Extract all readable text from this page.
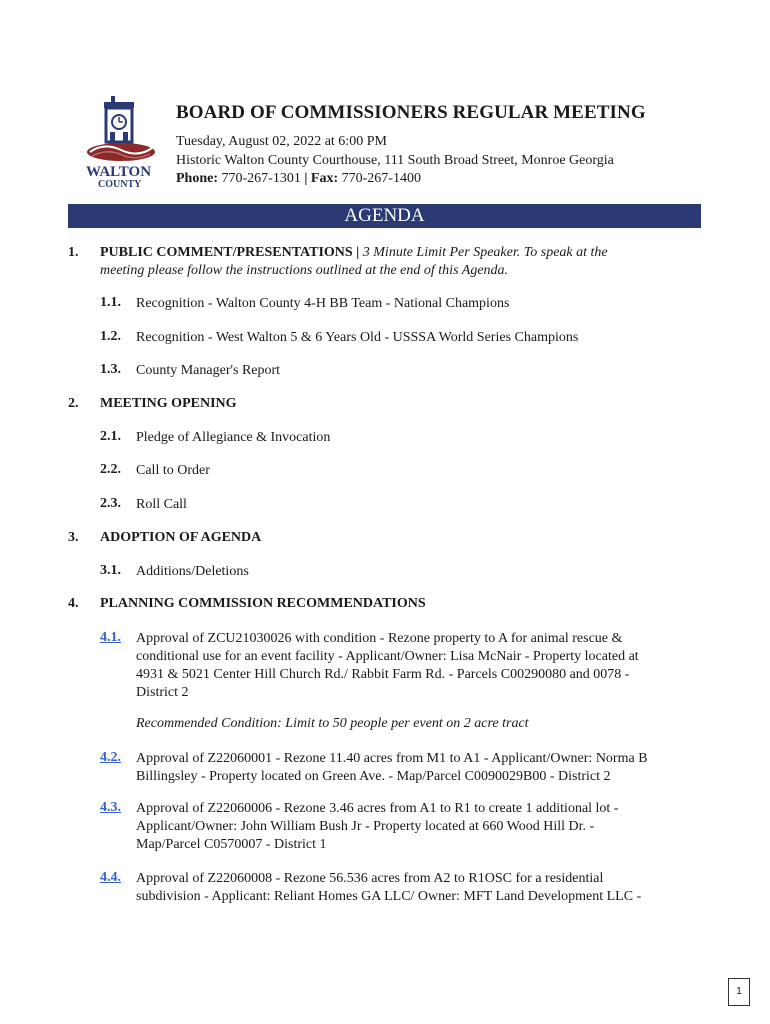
WALTON
COUNTY
BOARD OF COMMISSIONERS REGULAR MEETING
Tuesday, August 02, 2022 at 6:00 PM
Historic Walton County Courthouse, 111 South Broad Street, Monroe Georgia
Phone: 770-267-1301 | Fax: 770-267-1400
AGENDA
1. PUBLIC COMMENT/PRESENTATIONS | 3 Minute Limit Per Speaker. To speak at the
meeting please follow the instructions outlined at the end of this Agenda.
1.1. Recognition - Walton County 4-H BB Team - National Champions
1.2. Recognition - West Walton 5 & 6 Years Old - USSSA World Series Champions
1.3. County Manager's Report
2. MEETING OPENING
2.1. Pledge of Allegiance & Invocation
2.2. Call to Order
2.3. Roll Call
3. ADOPTION OF AGENDA
3.1. Additions/Deletions
4. PLANNING COMMISSION RECOMMENDATIONS
4.1. Approval of ZCU21030026 with condition - Rezone property to A for animal rescue &
conditional use for an event facility - Applicant/Owner: Lisa McNair - Property located at
4931 & 5021 Center Hill Church Rd./ Rabbit Farm Rd. - Parcels C00290080 and 0078 -
District 2
Recommended Condition: Limit to 50 people per event on 2 acre tract
4.2. Approval of Z22060001 - Rezone 11.40 acres from M1 to A1 - Applicant/Owner: Norma B
Billingsley - Property located on Green Ave. - Map/Parcel C0090029B00 - District 2
4.3. Approval of Z22060006 - Rezone 3.46 acres from A1 to R1 to create 1 additional lot -
Applicant/Owner: John William Bush Jr - Property located at 660 Wood Hill Dr. -
Map/Parcel C0570007 - District 1
4.4. Approval of Z22060008 - Rezone 56.536 acres from A2 to R1OSC for a residential
subdivision - Applicant: Reliant Homes GA LLC/ Owner: MFT Land Development LLC -
1
